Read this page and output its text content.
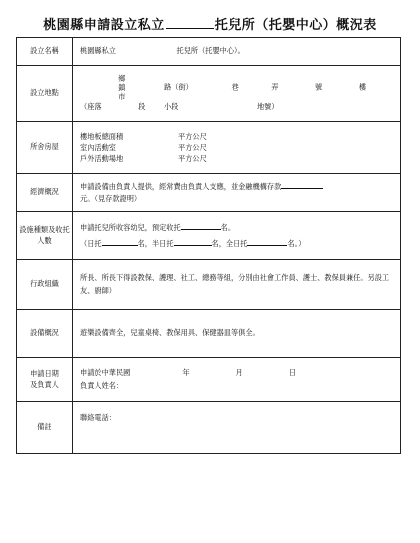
桃園縣申請設立私立	托兒所（托嬰中心）概況表
設立名稱	桃園縣私立 托兒所（托嬰中心）。
設立地點	鄉
鎮
市  路（街） 巷 弄 號 樓
（座落 段 小段 地號）

所舍房屋	樓地板總面積 平方公尺
室內活動室 平方公尺
戶外活動場地 平方公尺

經濟概況	申請設備由負責人提供，經常費由負責人支應，並金融機構存款
元。（見存款證明）

設施種類及收托人數	申請托兒所收容幼兒，預定收托 名。
（日托 名，半日托 名，全日托 名。）

行政組織	所長、所長下得設教保、護理、社工、總務等組，分別由社會工作員、護士、教保員兼任。另設工友、廚師）
設備概況	遊樂設備齊全，兒童桌椅、教保用具、保健器皿等俱全。
申請日期及負責人	申請於中華民國 年 月 日
負責人姓名：

備註	聯絡電話：
